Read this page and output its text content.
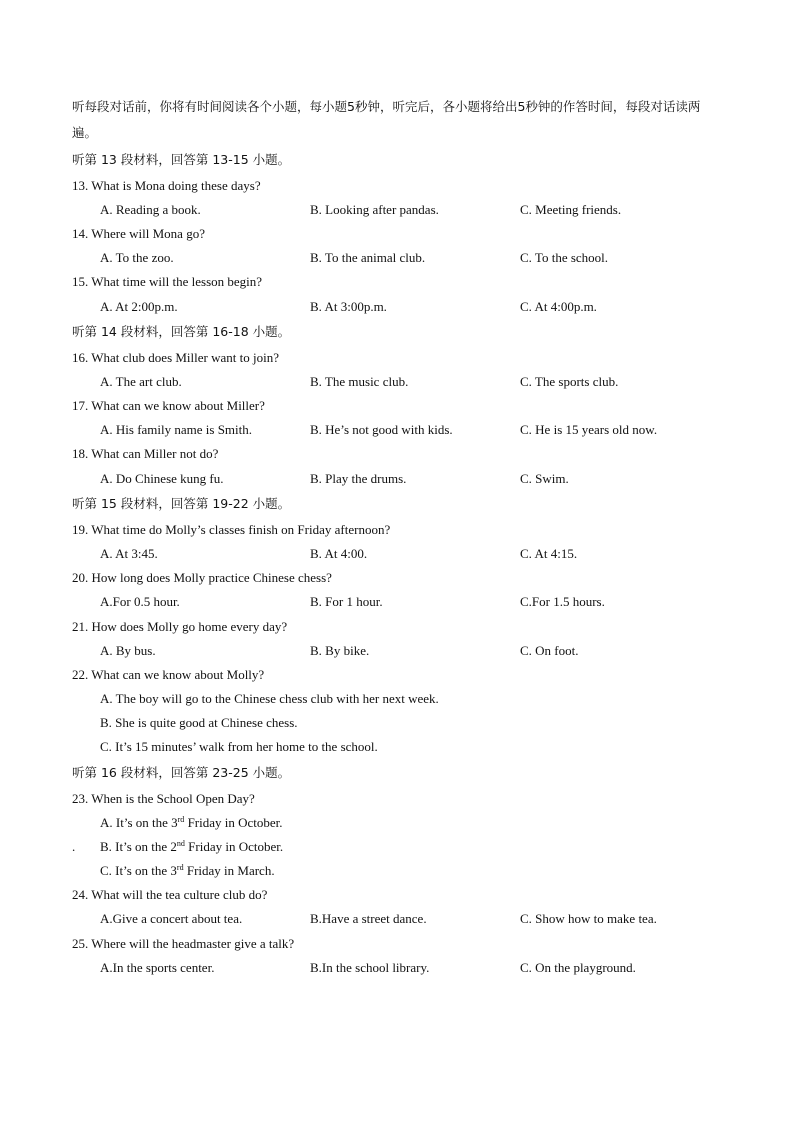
听每段对话前，你将有时间阅读各个小题，每小题5秒钟，听完后，各小题将给出5秒钟的作答时间，每段对话读两遍。
听第 13 段材料，回答第 13-15 小题。
13. What is Mona doing these days?
A. Reading a book.	B. Looking after pandas.	C. Meeting friends.
14. Where will Mona go?
A. To the zoo.	B. To the animal club.	C. To the school.
15. What time will the lesson begin?
A. At 2:00p.m.	B. At 3:00p.m.	C. At 4:00p.m.
听第 14 段材料，回答第 16-18 小题。
16. What club does Miller want to join?
A. The art club.	B. The music club.	C. The sports club.
17. What can we know about Miller?
A. His family name is Smith.	B. He’s not good with kids.	C. He is 15 years old now.
18. What can Miller not do?
A. Do Chinese kung fu.	B. Play the drums.	C. Swim.
听第 15 段材料，回答第 19-22 小题。
19. What time do Molly’s classes finish on Friday afternoon?
A. At 3:45.	B. At 4:00.	C. At 4:15.
20. How long does Molly practice Chinese chess?
A.For 0.5 hour.	B. For 1 hour.	C.For 1.5 hours.
21. How does Molly go home every day?
A. By bus.	B. By bike.	C. On foot.
22. What can we know about Molly?
A. The boy will go to the Chinese chess club with her next week.
B. She is quite good at Chinese chess.
C. It’s 15 minutes’ walk from her home to the school.
听第 16 段材料，回答第 23-25 小题。
23. When is the School Open Day?
A. It’s on the 3rd Friday in October.
. B. It’s on the 2nd Friday in October.
C. It’s on the 3rd Friday in March.
24. What will the tea culture club do?
A.Give a concert about tea.	B.Have a street dance.	C. Show how to make tea.
25. Where will the headmaster give a talk?
A.In the sports center.	B.In the school library.	C. On the playground.
